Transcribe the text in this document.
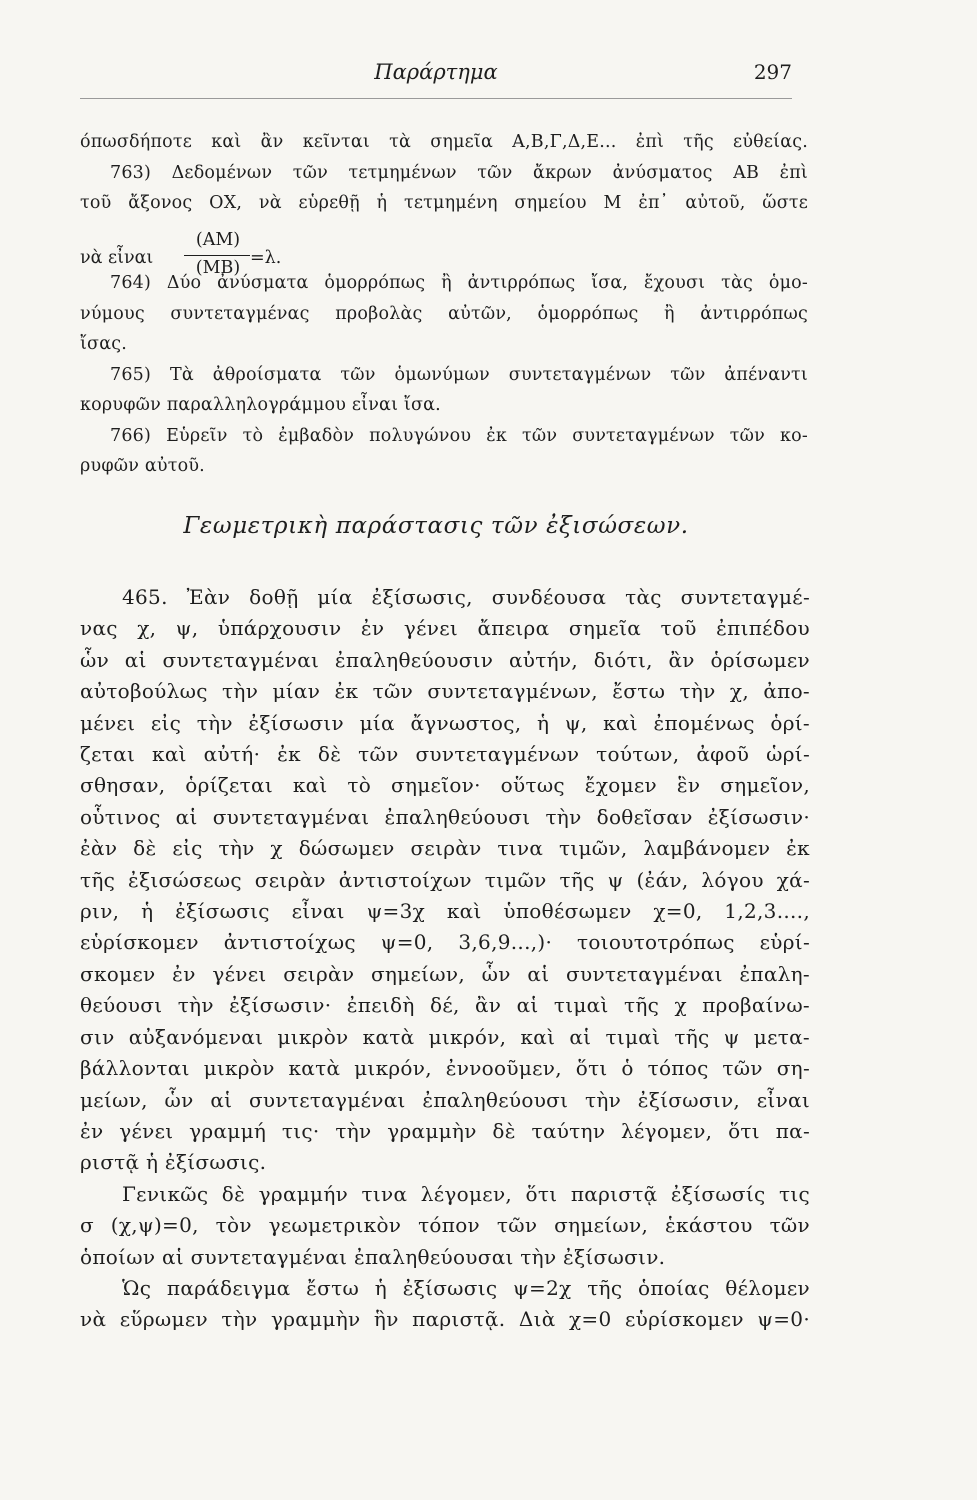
Παράρτημα	297
όπωσδήποτε καὶ ἂν κεῖνται τὰ σημεῖα Α,Β,Γ,Δ,Ε... ἐπὶ τῆς εὐθείας.
763) Δεδομένων τῶν τετμημένων τῶν ἄκρων ἀνύσματος ΑΒ ἐπὶ
τοῦ ἄξονος ΟΧ, νὰ εὑρεθῇ ἡ τετμημένη σημείου Μ ἐπ᾽ αὐτοῦ, ὥστε
νὰ εἶναι
(ΑΜ)
(ΜΒ) =λ.
764) Δύο ἀνύσματα ὁμορρόπως ἢ ἀντιρρόπως ἴσα, ἔχουσι τὰς ὁμο-
νύμους συντεταγμένας προβολὰς αὐτῶν, ὁμορρόπως ἢ ἀντιρρόπως
ἴσας.
765) Τὰ ἀθροίσματα τῶν ὁμωνύμων συντεταγμένων τῶν ἀπέναντι
κορυφῶν παραλληλογράμμου εἶναι ἴσα.
766) Εὑρεῖν τὸ ἐμβαδὸν πολυγώνου ἐκ τῶν συντεταγμένων τῶν κο-
ρυφῶν αὐτοῦ.
Γεωμετρικὴ παράστασις τῶν ἐξισώσεων.
465. Ἐὰν δοθῇ μία ἐξίσωσις, συνδέουσα τὰς συντεταγμέ-
νας χ, ψ, ὑπάρχουσιν ἐν γένει ἄπειρα σημεῖα τοῦ ἐπιπέδου
ὧν αἱ συντεταγμέναι ἐπαληθεύουσιν αὐτήν, διότι, ἂν ὁρίσωμεν
αὐτοβούλως τὴν μίαν ἐκ τῶν συντεταγμένων, ἔστω τὴν χ, ἀπο-
μένει εἰς τὴν ἐξίσωσιν μία ἄγνωστος, ἡ ψ, καὶ ἐπομένως ὁρί-
ζεται καὶ αὐτή· ἐκ δὲ τῶν συντεταγμένων τούτων, ἀφοῦ ὡρί-
σθησαν, ὁρίζεται καὶ τὸ σημεῖον· οὕτως ἔχομεν ἓν σημεῖον,
οὗτινος αἱ συντεταγμέναι ἐπαληθεύουσι τὴν δοθεῖσαν ἐξίσωσιν·
ἐὰν δὲ εἰς τὴν χ δώσωμεν σειρὰν τινα τιμῶν, λαμβάνομεν ἐκ
τῆς ἐξισώσεως σειρὰν ἀντιστοίχων τιμῶν τῆς ψ (ἐάν, λόγου χά-
ριν, ἡ ἐξίσωσις εἶναι ψ=3χ καὶ ὑποθέσωμεν χ=0, 1,2,3....,
εὑρίσκομεν ἀντιστοίχως ψ=0, 3,6,9...,)· τοιουτοτρόπως εὑρί-
σκομεν ἐν γένει σειρὰν σημείων, ὧν αἱ συντεταγμέναι ἐπαλη-
θεύουσι τὴν ἐξίσωσιν· ἐπειδὴ δέ, ἂν αἱ τιμαὶ τῆς χ προβαίνω-
σιν αὐξανόμεναι μικρὸν κατὰ μικρόν, καὶ αἱ τιμαὶ τῆς ψ μετα-
βάλλονται μικρὸν κατὰ μικρόν, ἐννοοῦμεν, ὅτι ὁ τόπος τῶν ση-
μείων, ὧν αἱ συντεταγμέναι ἐπαληθεύουσι τὴν ἐξίσωσιν, εἶναι
ἐν γένει γραμμή τις· τὴν γραμμὴν δὲ ταύτην λέγομεν, ὅτι πα-
ριστᾷ ἡ ἐξίσωσις.
Γενικῶς δὲ γραμμήν τινα λέγομεν, ὅτι παριστᾷ ἐξίσωσίς τις
σ (χ,ψ)=0, τὸν γεωμετρικὸν τόπον τῶν σημείων, ἑκάστου τῶν
ὁποίων αἱ συντεταγμέναι ἐπαληθεύουσαι τὴν ἐξίσωσιν.
Ὡς παράδειγμα ἔστω ἡ ἐξίσωσις ψ=2χ τῆς ὁποίας θέλομεν
νὰ εὕρωμεν τὴν γραμμὴν ἣν παριστᾷ. Διὰ χ=0 εὑρίσκομεν ψ=0·
